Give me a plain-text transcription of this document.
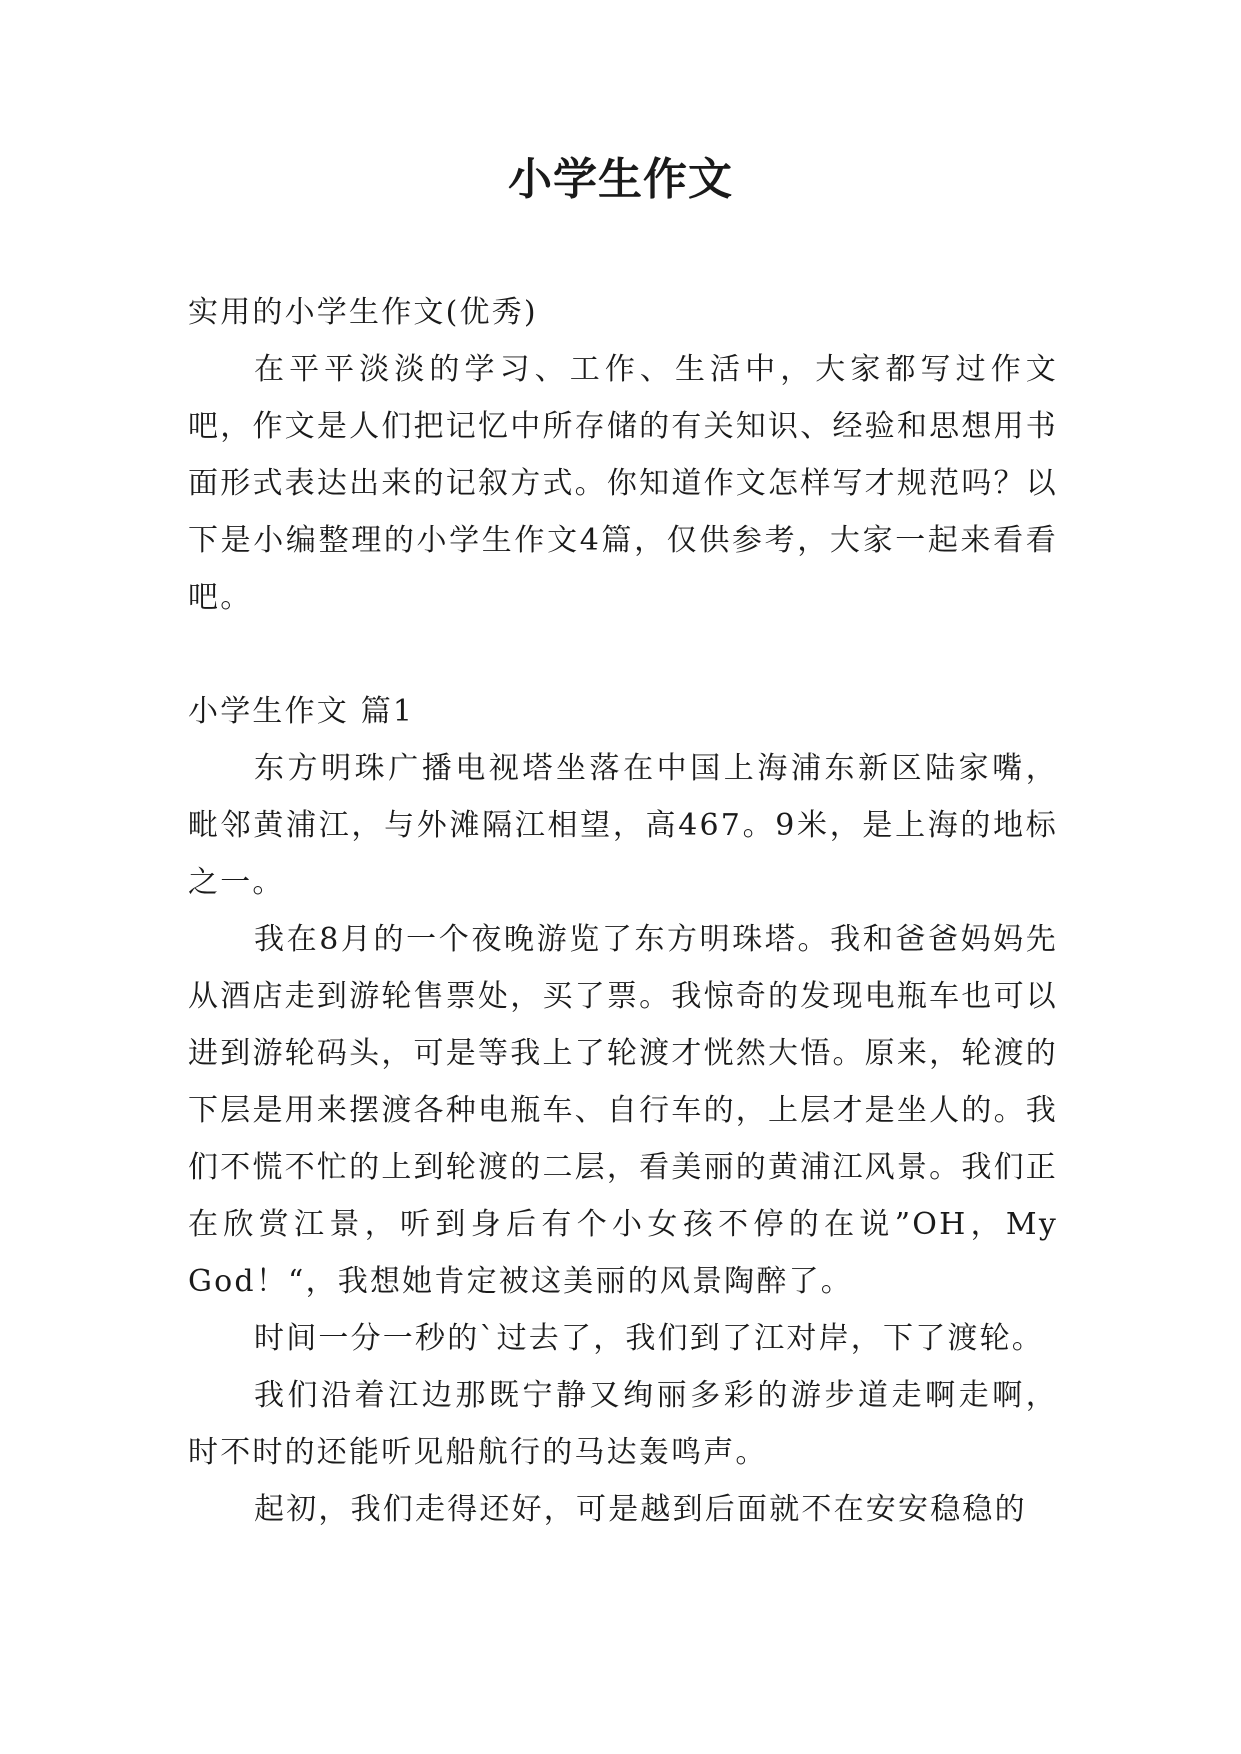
小学生作文

实用的小学生作文(优秀)

在平平淡淡的学习、工作、生活中，大家都写过作文吧，作文是人们把记忆中所存储的有关知识、经验和思想用书面形式表达出来的记叙方式。你知道作文怎样写才规范吗？以下是小编整理的小学生作文4篇，仅供参考，大家一起来看看吧。

小学生作文 篇1

东方明珠广播电视塔坐落在中国上海浦东新区陆家嘴，毗邻黄浦江，与外滩隔江相望，高467。9米，是上海的地标之一。

我在8月的一个夜晚游览了东方明珠塔。我和爸爸妈妈先从酒店走到游轮售票处，买了票。我惊奇的发现电瓶车也可以进到游轮码头，可是等我上了轮渡才恍然大悟。原来，轮渡的下层是用来摆渡各种电瓶车、自行车的，上层才是坐人的。我们不慌不忙的上到轮渡的二层，看美丽的黄浦江风景。我们正在欣赏江景，听到身后有个小女孩不停的在说”OH，My God！“，我想她肯定被这美丽的风景陶醉了。

时间一分一秒的`过去了，我们到了江对岸，下了渡轮。

我们沿着江边那既宁静又绚丽多彩的游步道走啊走啊，时不时的还能听见船航行的马达轰鸣声。

起初，我们走得还好，可是越到后面就不在安安稳稳的
